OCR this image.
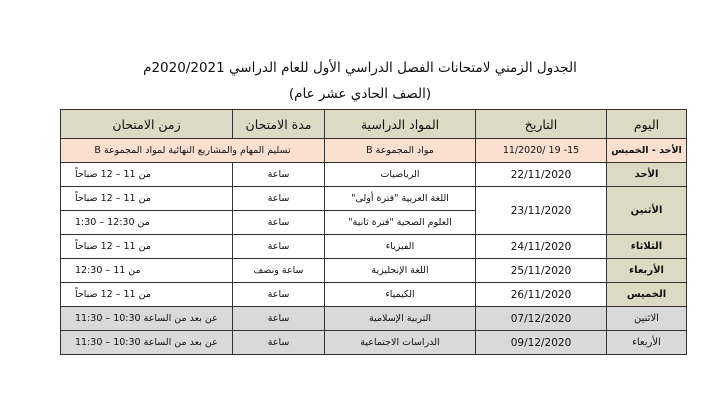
الجدول الزمني لامتحانات الفصل الدراسي الأول للعام الدراسي 2020/2021م
(الصف الحادي عشر عام)
اليوم	التاريخ	المواد الدراسية	مدة الامتحان	زمن الامتحان
الأحد - الخميس	15- 19 /11/2020	مواد المجموعة B	تسليم المهام والمشاريع النهائية لمواد المجموعة B	
الأحد	22/11/2020	الرياضيات	ساعة	من 11 – 12 صباحاً
الأثنين	23/11/2020	اللغة العربية "فترة أولى"	ساعة	من 11 – 12 صباحاً
		العلوم الصحية "فترة ثانية"	ساعة	من 12:30 – 1:30
الثلاثاء	24/11/2020	الفيزياء	ساعة	من 11 – 12 صباحاً
الأربعاء	25/11/2020	اللغة الإنجليزية	ساعة ونصف	من 11 – 12:30
الخميس	26/11/2020	الكيمياء	ساعة	من 11 – 12 صباحاً
الاثنين	07/12/2020	التربية الإسلامية	ساعة	عن بعد من الساعة 10:30 – 11:30
الأربعاء	09/12/2020	الدراسات الاجتماعية	ساعة	عن بعد من الساعة 10:30 – 11:30
